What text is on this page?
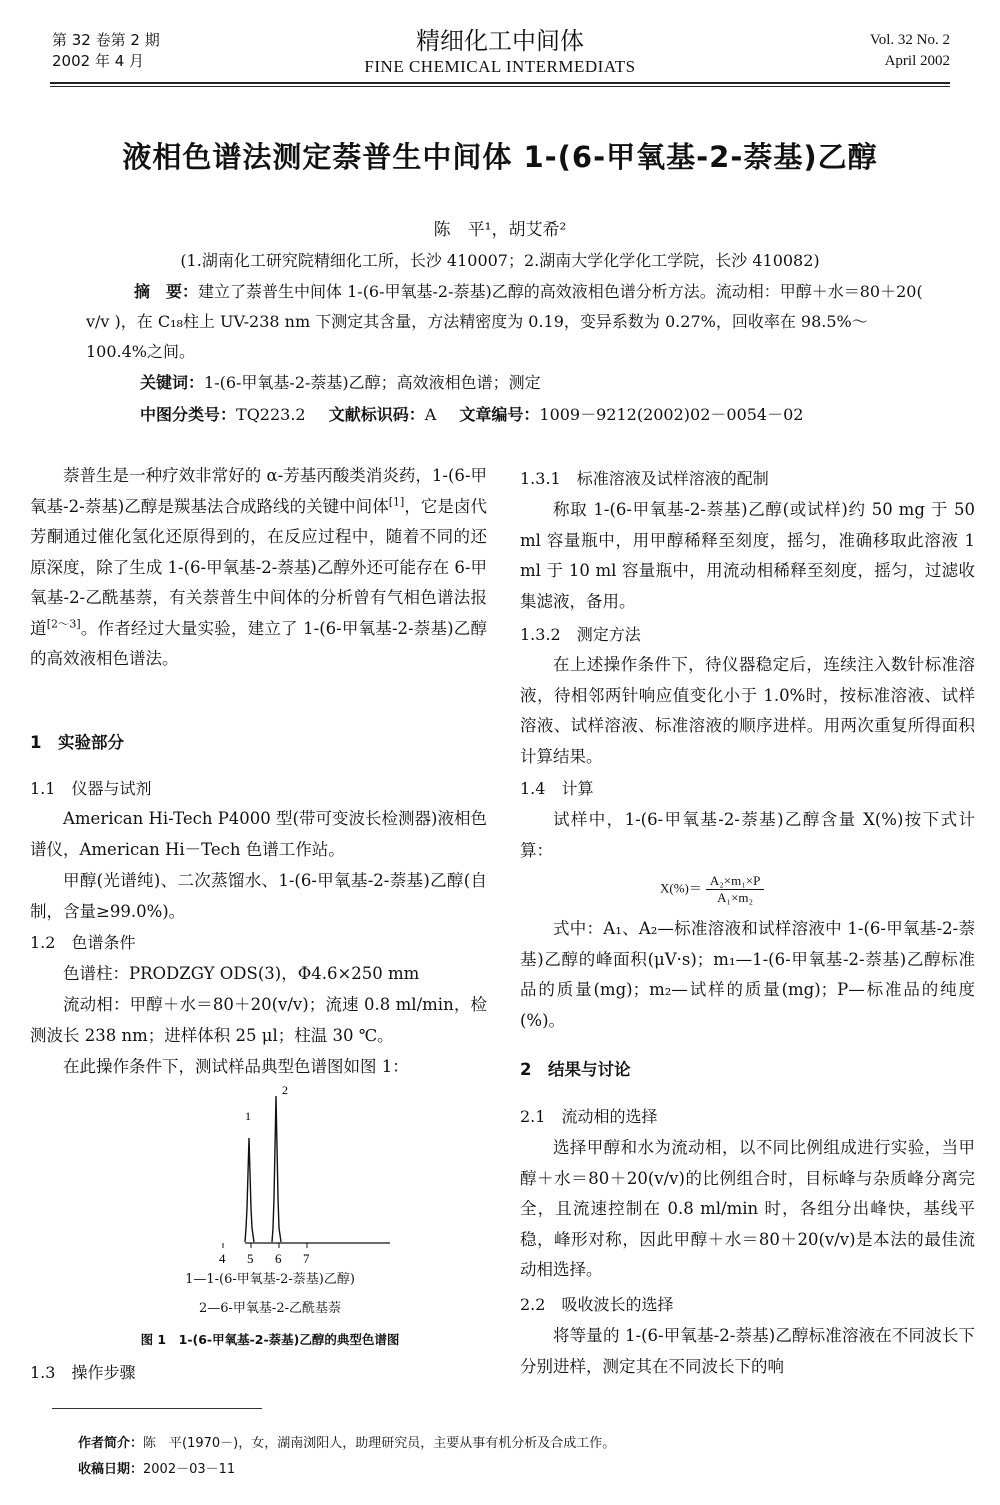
第 32 卷第 2 期
2002 年 4 月
精细化工中间体
FINE CHEMICAL INTERMEDIATS
Vol. 32 No. 2
April 2002
液相色谱法测定萘普生中间体 1-(6-甲氧基-2-萘基)乙醇
陈　平¹，胡艾希²
(1.湖南化工研究院精细化工所，长沙 410007；2.湖南大学化学化工学院，长沙 410082)
摘　要：建立了萘普生中间体 1-(6-甲氧基-2-萘基)乙醇的高效液相色谱分析方法。流动相：甲醇＋水＝80＋20( v/v )，在 C₁₈柱上 UV-238 nm 下测定其含量，方法精密度为 0.19，变异系数为 0.27%，回收率在 98.5%～100.4%之间。
关键词：1-(6-甲氧基-2-萘基)乙醇；高效液相色谱；测定
中图分类号：TQ223.2 文献标识码：A 文章编号：1009－9212(2002)02－0054－02
萘普生是一种疗效非常好的 α-芳基丙酸类消炎药，1-(6-甲氧基-2-萘基)乙醇是羰基法合成路线的关键中间体[1]，它是卤代芳酮通过催化氢化还原得到的，在反应过程中，随着不同的还原深度，除了生成 1-(6-甲氧基-2-萘基)乙醇外还可能存在 6-甲氧基-2-乙酰基萘，有关萘普生中间体的分析曾有气相色谱法报道[2～3]。作者经过大量实验，建立了 1-(6-甲氧基-2-萘基)乙醇的高效液相色谱法。
1　实验部分
1.1　仪器与试剂
American Hi-Tech P4000 型(带可变波长检测器)液相色谱仪，American Hi－Tech 色谱工作站。
甲醇(光谱纯)、二次蒸馏水、1-(6-甲氧基-2-萘基)乙醇(自制，含量≥99.0%)。
1.2　色谱条件
色谱柱：PRODZGY ODS(3)，Φ4.6×250 mm
流动相：甲醇＋水＝80＋20(v/v)；流速 0.8 ml/min，检测波长 238 nm；进样体积 25 μl；柱温 30 ℃。
在此操作条件下，测试样品典型色谱图如图 1：
1
2
4 5 6 7
1—1-(6-甲氧基-2-萘基)乙醇)
2—6-甲氧基-2-乙酰基萘
图 1　1-(6-甲氧基-2-萘基)乙醇的典型色谱图
1.3　操作步骤
1.3.1　标准溶液及试样溶液的配制
称取 1-(6-甲氧基-2-萘基)乙醇(或试样)约 50 mg 于 50 ml 容量瓶中，用甲醇稀释至刻度，摇匀，准确移取此溶液 1 ml 于 10 ml 容量瓶中，用流动相稀释至刻度，摇匀，过滤收集滤液，备用。
1.3.2　测定方法
在上述操作条件下，待仪器稳定后，连续注入数针标准溶液，待相邻两针响应值变化小于 1.0%时，按标准溶液、试样溶液、试样溶液、标准溶液的顺序进样。用两次重复所得面积计算结果。
1.4　计算
试样中，1-(6-甲氧基-2-萘基)乙醇含量 X(%)按下式计算：
$X(\%)= \frac{\text{A₂×m₁×P}}{\text{A₁×m₂}}$
式中：A₁、A₂—标准溶液和试样溶液中 1-(6-甲氧基-2-萘基)乙醇的峰面积(μV·s)；m₁—1-(6-甲氧基-2-萘基)乙醇标准品的质量(mg)；m₂—试样的质量(mg)；P—标准品的纯度(%)。
2　结果与讨论
2.1　流动相的选择
选择甲醇和水为流动相，以不同比例组成进行实验，当甲醇＋水＝80＋20(v/v)的比例组合时，目标峰与杂质峰分离完全，且流速控制在 0.8 ml/min 时，各组分出峰快，基线平稳，峰形对称，因此甲醇＋水＝80＋20(v/v)是本法的最佳流动相选择。
2.2　吸收波长的选择
将等量的 1-(6-甲氧基-2-萘基)乙醇标准溶液在不同波长下分别进样，测定其在不同波长下的响
作者简介：陈　平(1970－)，女，湖南浏阳人，助理研究员，主要从事有机分析及合成工作。
收稿日期：2002－03－11
